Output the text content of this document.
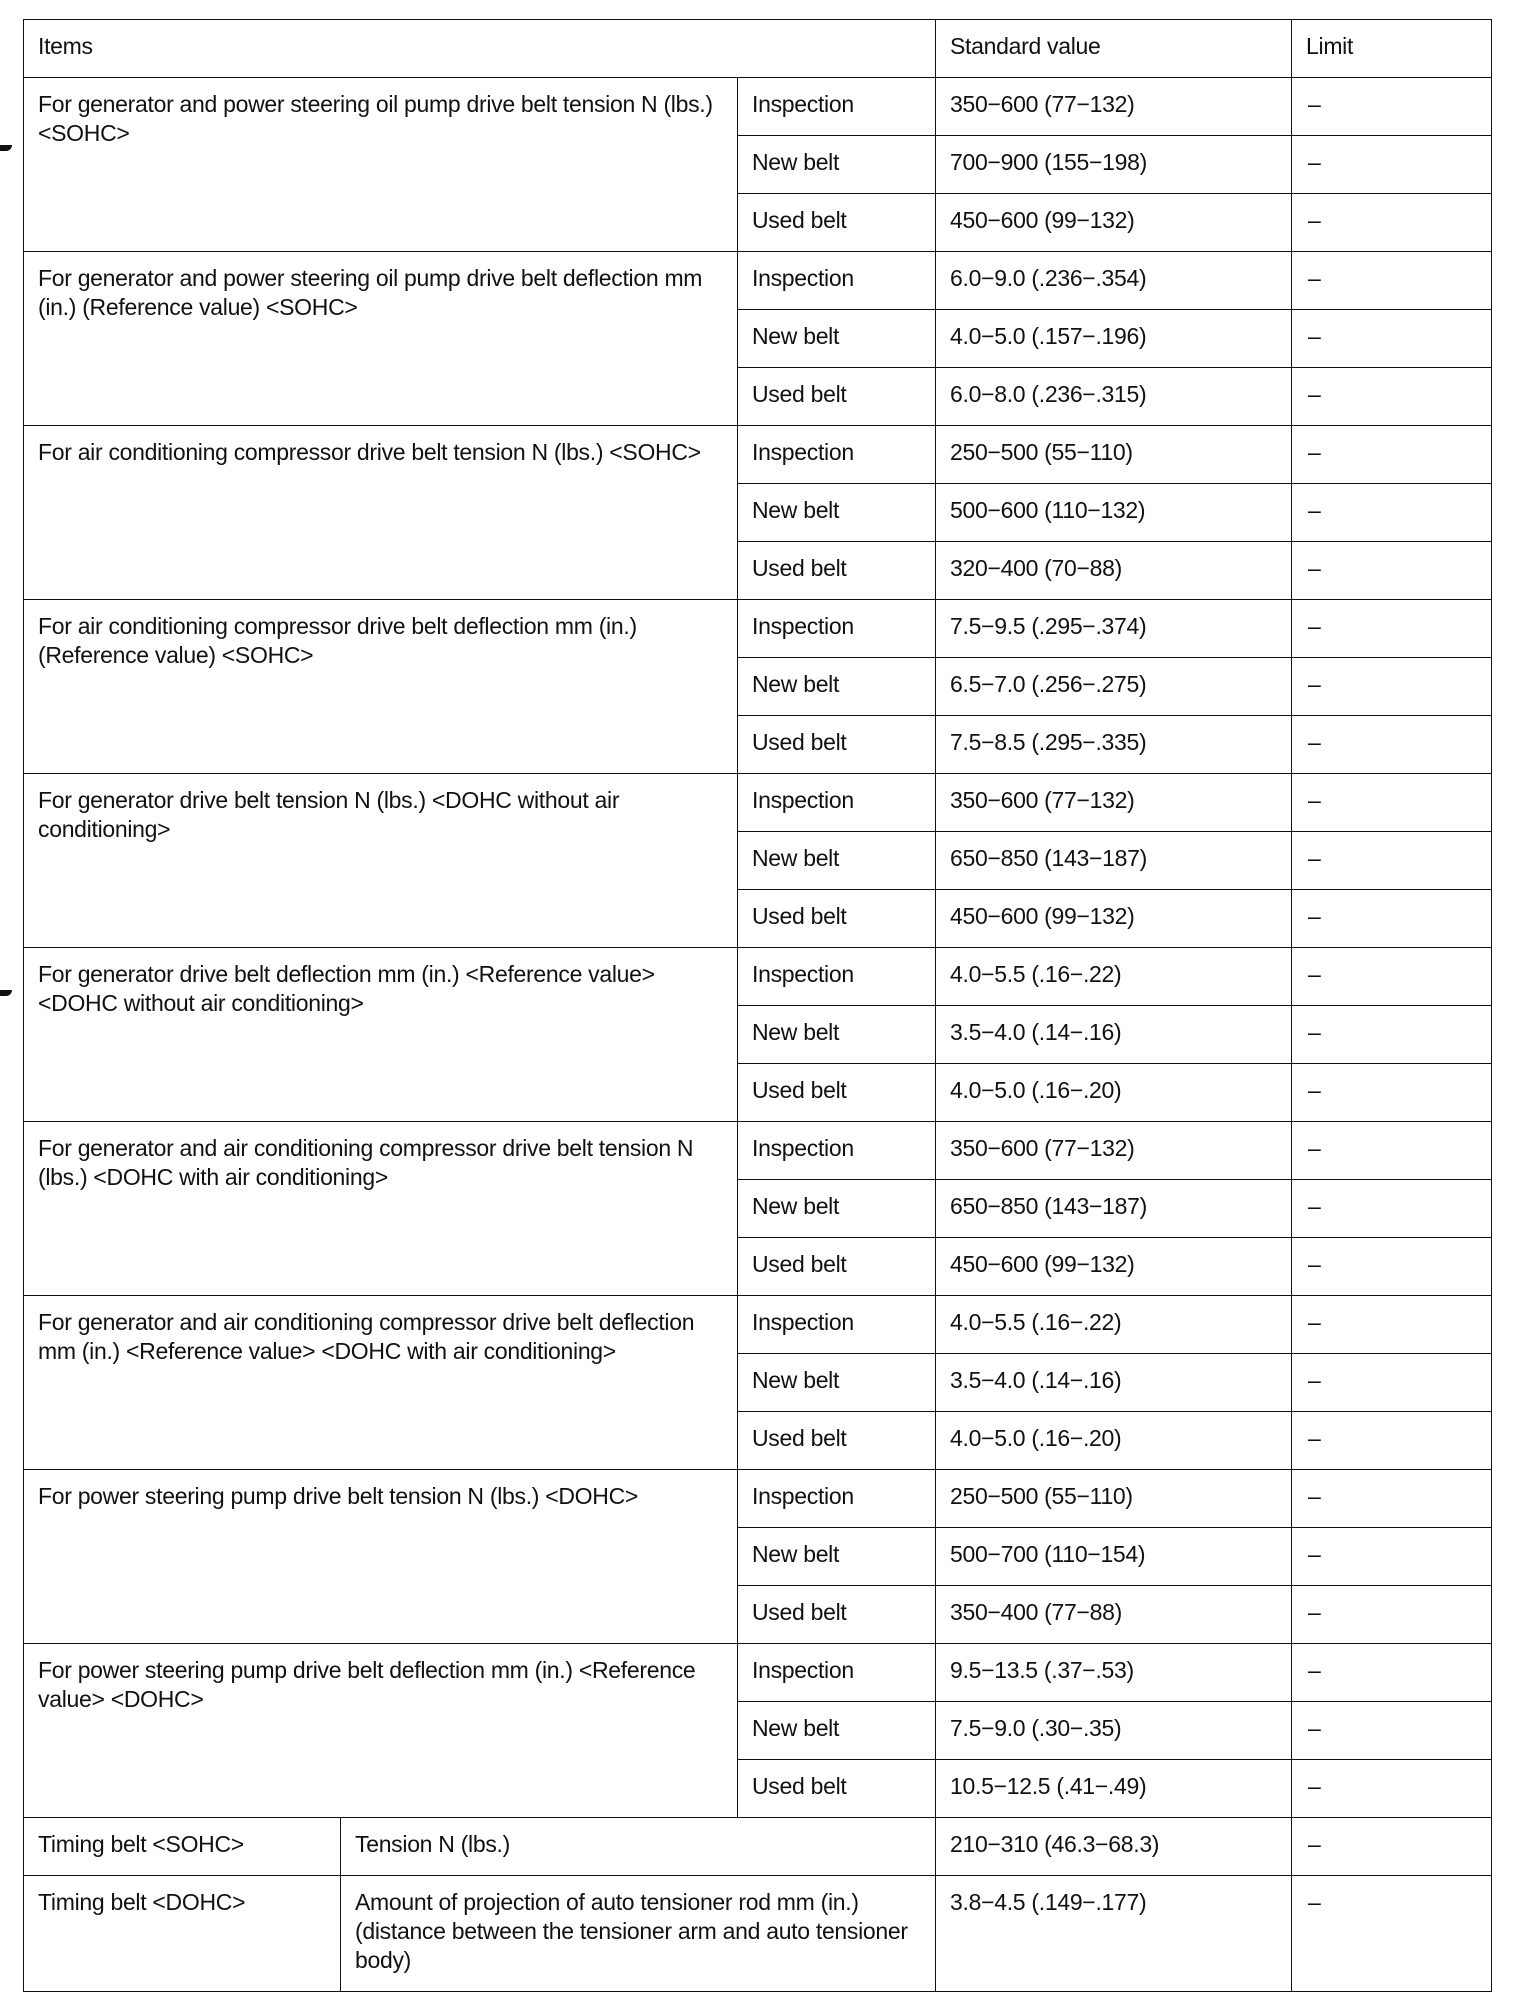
Items			Standard value	Limit
For generator and power steering oil pump drive belt tension N (lbs.) <SOHC>		Inspection	350−600 (77−132)	–
		New belt	700−900 (155−198)	–
		Used belt	450−600 (99−132)	–
For generator and power steering oil pump drive belt deflection mm (in.) (Reference value) <SOHC>		Inspection	6.0−9.0 (.236−.354)	–
		New belt	4.0−5.0 (.157−.196)	–
		Used belt	6.0−8.0 (.236−.315)	–
For air conditioning compressor drive belt tension N (lbs.) <SOHC>		Inspection	250−500 (55−110)	–
		New belt	500−600 (110−132)	–
		Used belt	320−400 (70−88)	–
For air conditioning compressor drive belt deflection mm (in.) (Reference value) <SOHC>		Inspection	7.5−9.5 (.295−.374)	–
		New belt	6.5−7.0 (.256−.275)	–
		Used belt	7.5−8.5 (.295−.335)	–
For generator drive belt tension N (lbs.) <DOHC without air conditioning>		Inspection	350−600 (77−132)	–
		New belt	650−850 (143−187)	–
		Used belt	450−600 (99−132)	–
For generator drive belt deflection mm (in.) <Reference value> <DOHC without air conditioning>		Inspection	4.0−5.5 (.16−.22)	–
		New belt	3.5−4.0 (.14−.16)	–
		Used belt	4.0−5.0 (.16−.20)	–
For generator and air conditioning compressor drive belt tension N (lbs.) <DOHC with air conditioning>		Inspection	350−600 (77−132)	–
		New belt	650−850 (143−187)	–
		Used belt	450−600 (99−132)	–
For generator and air conditioning compressor drive belt deflection mm (in.) <Reference value> <DOHC with air conditioning>		Inspection	4.0−5.5 (.16−.22)	–
		New belt	3.5−4.0 (.14−.16)	–
		Used belt	4.0−5.0 (.16−.20)	–
For power steering pump drive belt tension N (lbs.) <DOHC>		Inspection	250−500 (55−110)	–
		New belt	500−700 (110−154)	–
		Used belt	350−400 (77−88)	–
For power steering pump drive belt deflection mm (in.) <Reference value> <DOHC>		Inspection	9.5−13.5 (.37−.53)	–
		New belt	7.5−9.0 (.30−.35)	–
		Used belt	10.5−12.5 (.41−.49)	–
Timing belt <SOHC>	Tension N (lbs.)		210−310 (46.3−68.3)	–
Timing belt <DOHC>	Amount of projection of auto tensioner rod mm (in.) (distance between the tensioner arm and auto tensioner body)		3.8−4.5 (.149−.177)	–
